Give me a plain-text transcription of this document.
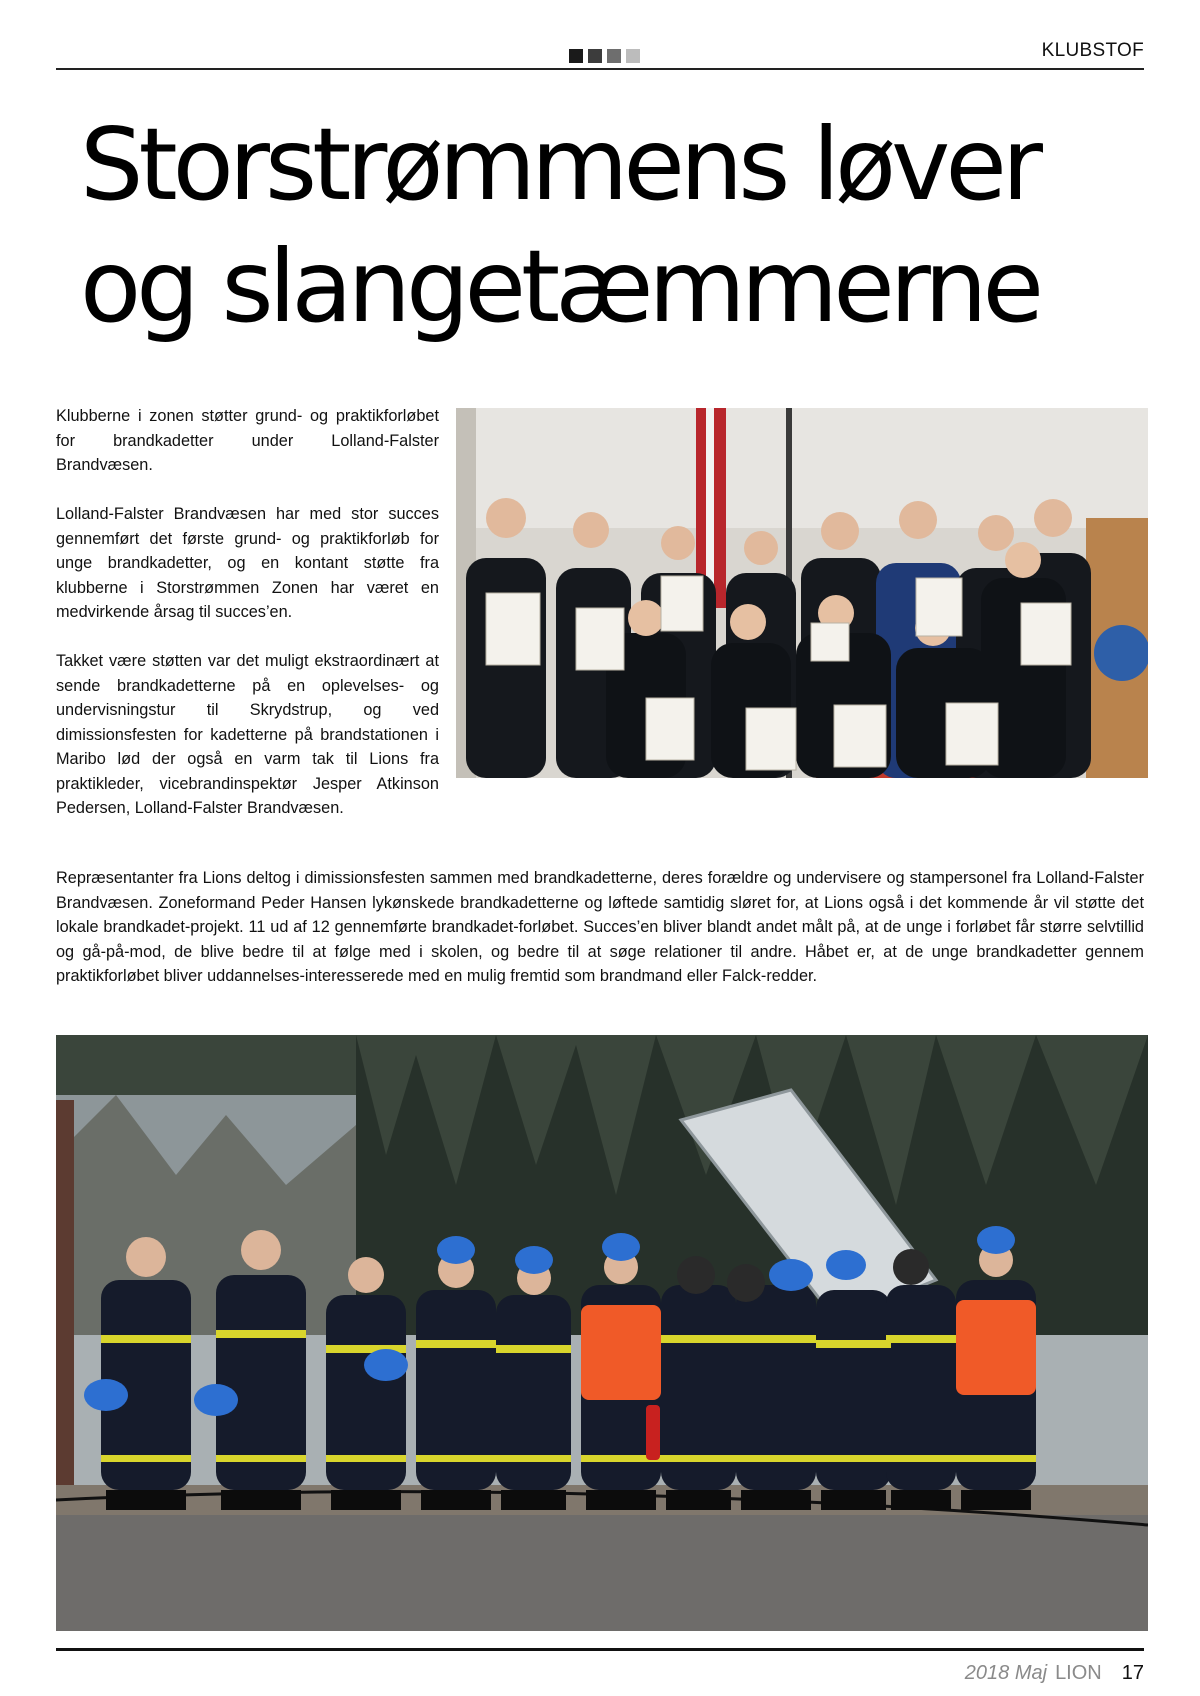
KLUBSTOF
Storstrømmens løver
og slangetæmmerne

Klubberne i zonen støtter grund- og praktikforløbet for brandkadetter under Lolland-Falster Brandvæsen.

Lolland-Falster Brandvæsen har med stor succes gennemført det første grund- og praktikforløb for unge brandkadetter, og en kontant støtte fra klubberne i Storstrømmen Zonen har været en medvirkende årsag til succes’en.

Takket være støtten var det muligt ekstraordinært at sende brandkadetterne på en oplevelses- og undervisningstur til Skrydstrup, og ved dimissionsfesten for kadetterne på brandstationen i Maribo lød der også en varm tak til Lions fra praktikleder, vicebrandinspektør Jesper Atkinson Pedersen, Lolland-Falster Brandvæsen.

Repræsentanter fra Lions deltog i dimissionsfesten sammen med brandkadetterne, deres forældre og undervisere og stampersonel fra Lolland-Falster Brandvæsen. Zoneformand Peder Hansen lykønskede brandkadetterne og løftede samtidig sløret for, at Lions også i det kommende år vil støtte det lokale brandkadet-projekt. 11 ud af 12 gennemførte brandkadet-forløbet. Succes’en bliver blandt andet målt på, at de unge i forløbet får større selvtillid og gå-på-mod, de blive bedre til at følge med i skolen, og bedre til at søge relationer til andre. Håbet er, at de unge brandkadetter gennem praktikforløbet bliver uddannelses-interesserede med en mulig fremtid som brandmand eller Falck-redder.

2018 Maj LION 17
